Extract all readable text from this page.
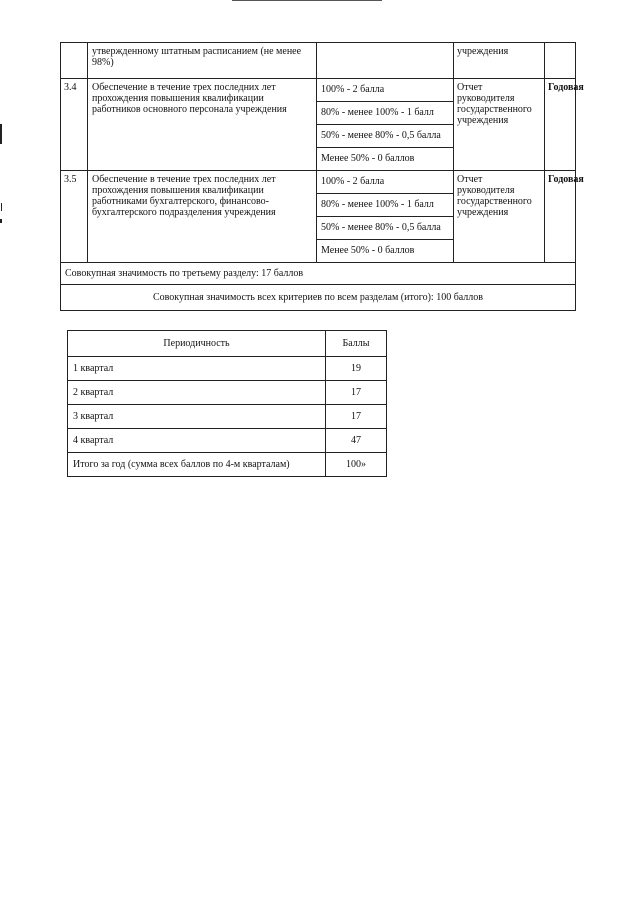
	утвержденному штатным расписанием (не менее 98%)		учреждения	
3.4	Обеспечение в течение трех последних лет прохождения повышения квалификации работников основного персонала учреждения	100% - 2 балла	Отчет руководителя государственного учреждения	Годовая
		80% - менее 100% - 1 балл		
		50% - менее 80% - 0,5 балла		
		Менее 50% - 0 баллов		
3.5	Обеспечение в течение трех последних лет прохождения повышения квалификации работниками бухгалтерского, финансово-бухгалтерского подразделения учреждения	100% - 2 балла	Отчет руководителя государственного учреждения	Годовая
		80% - менее 100% - 1 балл		
		50% - менее 80% - 0,5 балла		
		Менее 50% - 0 баллов		
Совокупная значимость по третьему разделу: 17 баллов				
Совокупная значимость всех критериев по всем разделам (итого): 100 баллов				
Периодичность	Баллы
1 квартал	19
2 квартал	17
3 квартал	17
4 квартал	47
Итого за год (сумма всех баллов по 4-м кварталам)	100»
